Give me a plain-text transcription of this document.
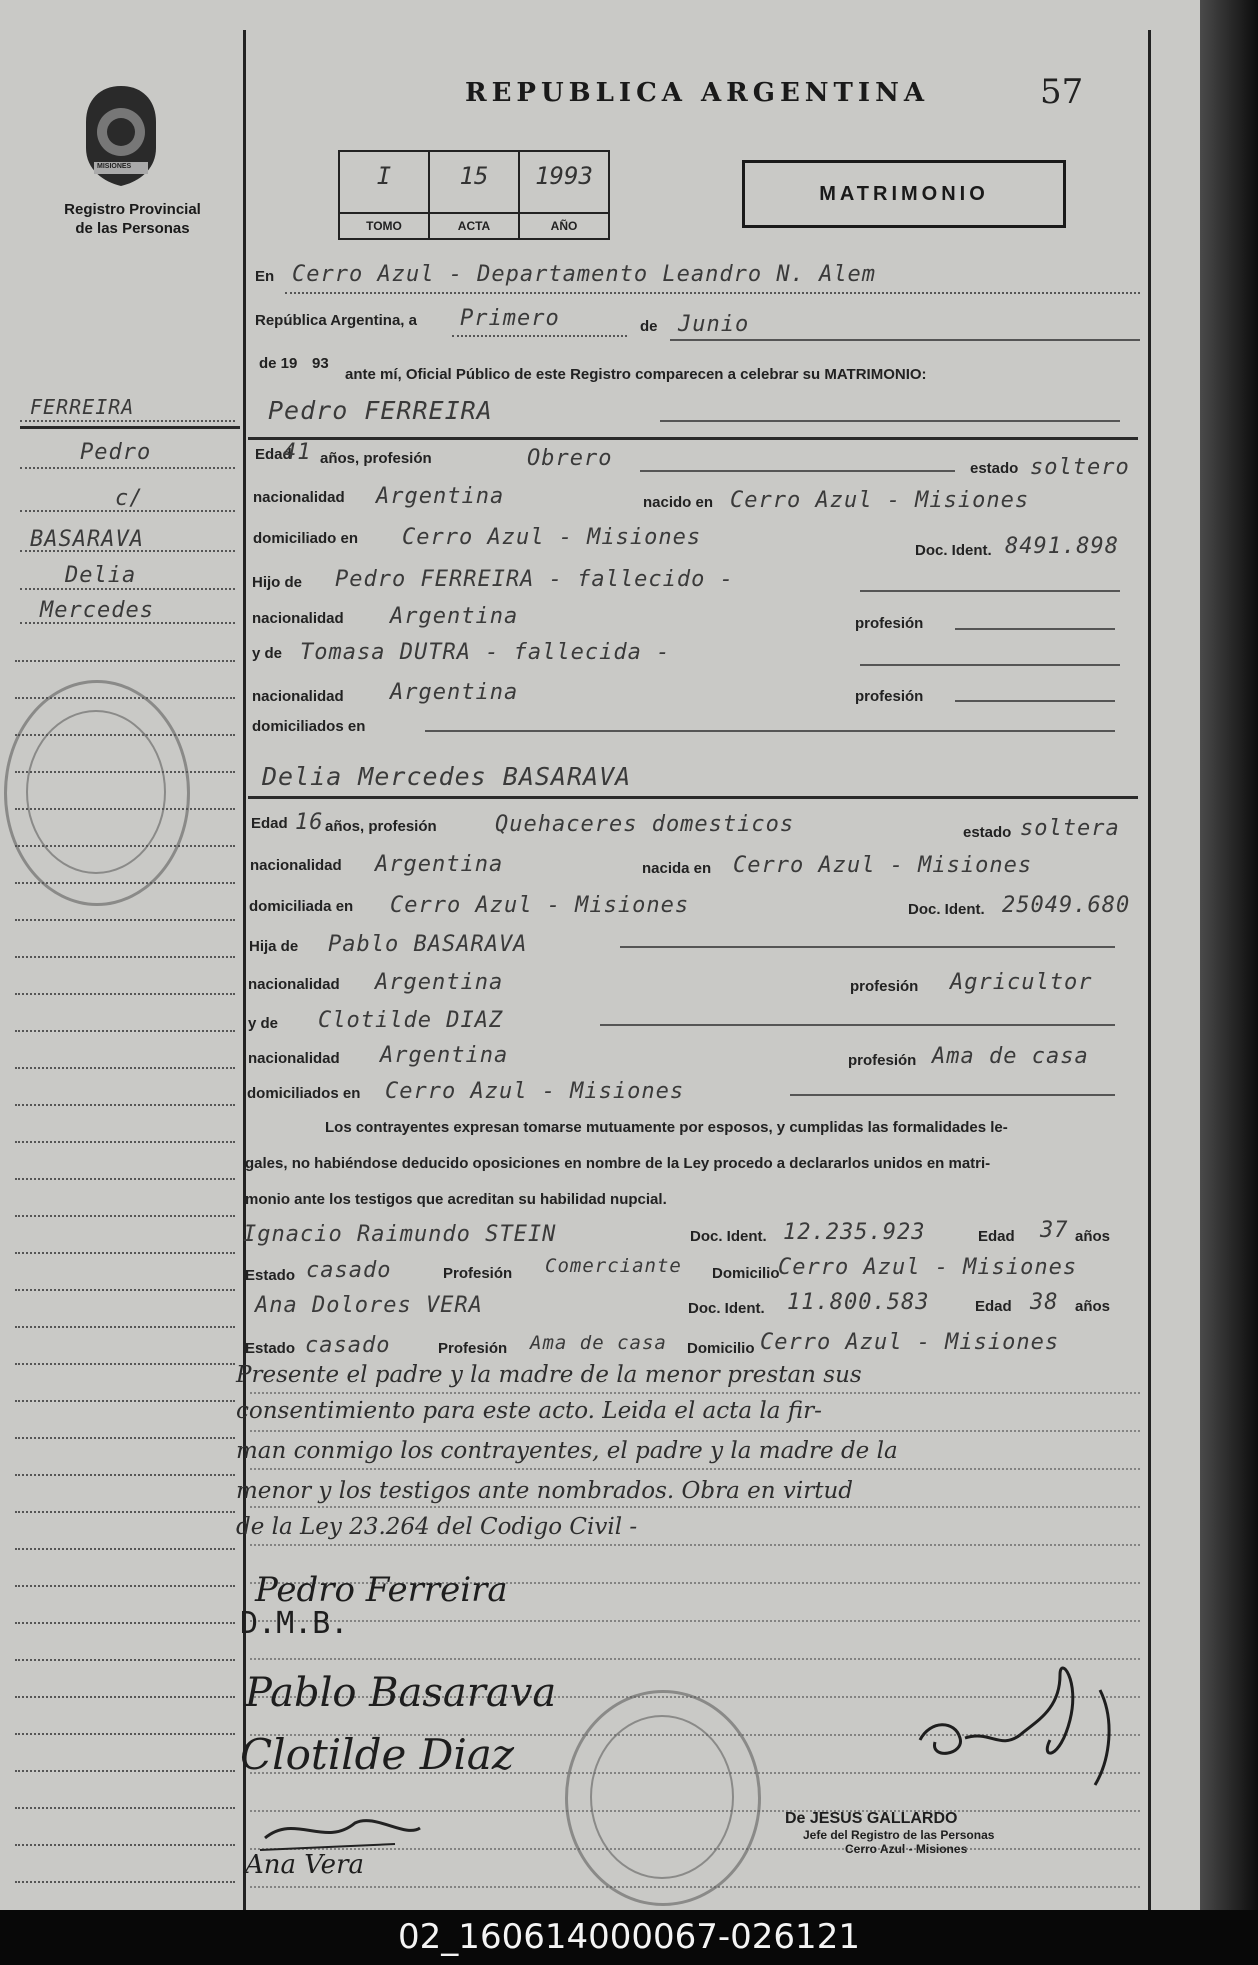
MISIONES
Registro Provincial
de las Personas
REPUBLICA ARGENTINA	57
I
TOMO
15
ACTA
1993
AÑO
MATRIMONIO
En Cerro Azul - Departamento Leandro N. Alem
República Argentina, a Primero	de Junio
de 19 93
ante mí, Oficial Público de este Registro comparecen a celebrar su MATRIMONIO:
FERREIRA
Pedro
c/
BASARAVA
Delia
Mercedes
Pedro FERREIRA
Edad
41 años, profesión	Obrero	estado soltero
nacionalidad Argentina	nacido en Cerro Azul - Misiones
domiciliado en Cerro Azul - Misiones
Doc. Ident. 8491.898
Hijo de Pedro FERREIRA - fallecido -
nacionalidad Argentina	profesión
y de Tomasa DUTRA - fallecida -
nacionalidad Argentina	profesión
domiciliados en
Delia Mercedes BASARAVA
Edad 16 años, profesión	Quehaceres domesticos	estado soltera
nacionalidad Argentina	nacida en Cerro Azul - Misiones
domiciliada en Cerro Azul - Misiones	Doc. Ident. 25049.680
Hija de Pablo BASARAVA
nacionalidad Argentina	profesión Agricultor
y de Clotilde DIAZ
nacionalidad Argentina	profesión Ama de casa
domiciliados en Cerro Azul - Misiones
Los contrayentes expresan tomarse mutuamente por esposos, y cumplidas las formalidades le-
gales, no habiéndose deducido oposiciones en nombre de la Ley procedo a declararlos unidos en matri-
monio ante los testigos que acreditan su habilidad nupcial.
Ignacio Raimundo STEIN	Doc. Ident. 12.235.923	Edad 37 años
Estado casado	Profesión Comerciante Domicilio
Cerro Azul - Misiones
Ana Dolores VERA	Doc. Ident. 11.800.583	Edad 38 años
Estado casado	Profesión Ama de casa Domicilio Cerro Azul - Misiones
Presente el padre y la madre de la menor prestan sus
consentimiento para este acto. Leida el acta la fir-
man conmigo los contrayentes, el padre y la madre de la
menor y los testigos ante nombrados. Obra en virtud
de la Ley 23.264 del Codigo Civil -
Pedro Ferreira
D.M.B.
Pablo Basarava
Clotilde Diaz
Ana Vera
De JESUS GALLARDO
Jefe del Registro de las Personas
Cerro Azul - Misiones
02_160614000067-026121
